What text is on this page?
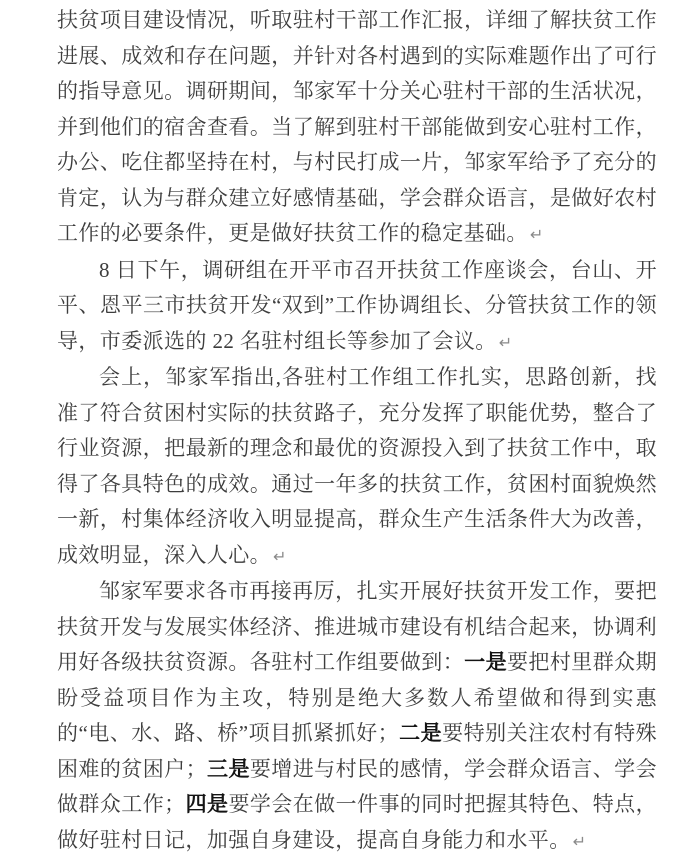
扶贫项目建设情况，听取驻村干部工作汇报，详细了解扶贫工作进展、成效和存在问题，并针对各村遇到的实际难题作出了可行的指导意见。调研期间，邹家军十分关心驻村干部的生活状况，并到他们的宿舍查看。当了解到驻村干部能做到安心驻村工作，办公、吃住都坚持在村，与村民打成一片，邹家军给予了充分的肯定，认为与群众建立好感情基础，学会群众语言，是做好农村工作的必要条件，更是做好扶贫工作的稳定基础。 ↵

8 日下午，调研组在开平市召开扶贫工作座谈会，台山、开平、恩平三市扶贫开发“双到”工作协调组长、分管扶贫工作的领导，市委派选的 22 名驻村组长等参加了会议。 ↵

会上，邹家军指出,各驻村工作组工作扎实，思路创新，找准了符合贫困村实际的扶贫路子，充分发挥了职能优势，整合了行业资源，把最新的理念和最优的资源投入到了扶贫工作中，取得了各具特色的成效。通过一年多的扶贫工作，贫困村面貌焕然一新，村集体经济收入明显提高，群众生产生活条件大为改善，成效明显，深入人心。 ↵

邹家军要求各市再接再厉，扎实开展好扶贫开发工作，要把扶贫开发与发展实体经济、推进城市建设有机结合起来，协调利用好各级扶贫资源。各驻村工作组要做到：一是要把村里群众期盼受益项目作为主攻，特别是绝大多数人希望做和得到实惠的“电、水、路、桥”项目抓紧抓好；二是要特别关注农村有特殊困难的贫困户；三是要增进与村民的感情，学会群众语言、学会做群众工作；四是要学会在做一件事的同时把握其特色、特点，做好驻村日记，加强自身建设，提高自身能力和水平。 ↵
